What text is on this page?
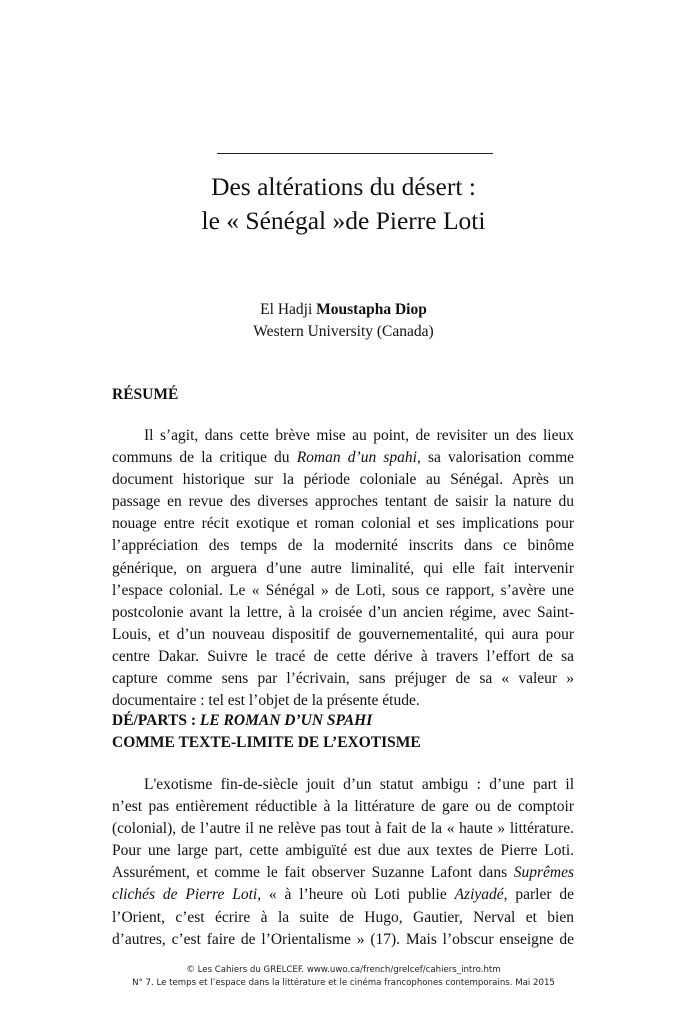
Des altérations du désert :
le « Sénégal »de Pierre Loti
El Hadji Moustapha Diop
Western University (Canada)
RÉSUMÉ
Il s’agit, dans cette brève mise au point, de revisiter un des lieux
communs de la critique du Roman d’un spahi, sa valorisation comme
document historique sur la période coloniale au Sénégal. Après un
passage en revue des diverses approches tentant de saisir la nature du
nouage entre récit exotique et roman colonial et ses implications pour
l’appréciation des temps de la modernité inscrits dans ce binôme
générique, on arguera d’une autre liminalité, qui elle fait intervenir
l’espace colonial. Le « Sénégal » de Loti, sous ce rapport, s’avère une
postcolonie avant la lettre, à la croisée d’un ancien régime, avec Saint-
Louis, et d’un nouveau dispositif de gouvernementalité, qui aura pour
centre Dakar. Suivre le tracé de cette dérive à travers l’effort de sa
capture comme sens par l’écrivain, sans préjuger de sa « valeur »
documentaire : tel est l’objet de la présente étude.
DÉ/PARTS : LE ROMAN D’UN SPAHI
COMME TEXTE-LIMITE DE L’EXOTISME
L'exotisme fin-de-siècle jouit d’un statut ambigu : d’une part il
n’est pas entièrement réductible à la littérature de gare ou de comptoir
(colonial), de l’autre il ne relève pas tout à fait de la « haute » littérature.
Pour une large part, cette ambiguïté est due aux textes de Pierre Loti.
Assurément, et comme le fait observer Suzanne Lafont dans Suprêmes
clichés de Pierre Loti, « à l’heure où Loti publie Aziyadé, parler de
l’Orient, c’est écrire à la suite de Hugo, Gautier, Nerval et bien
d’autres, c’est faire de l’Orientalisme » (17). Mais l’obscur enseigne de
© Les Cahiers du GRELCEF. www.uwo.ca/french/grelcef/cahiers_intro.htm
N° 7. Le temps et l’espace dans la littérature et le cinéma francophones contemporains. Mai 2015
